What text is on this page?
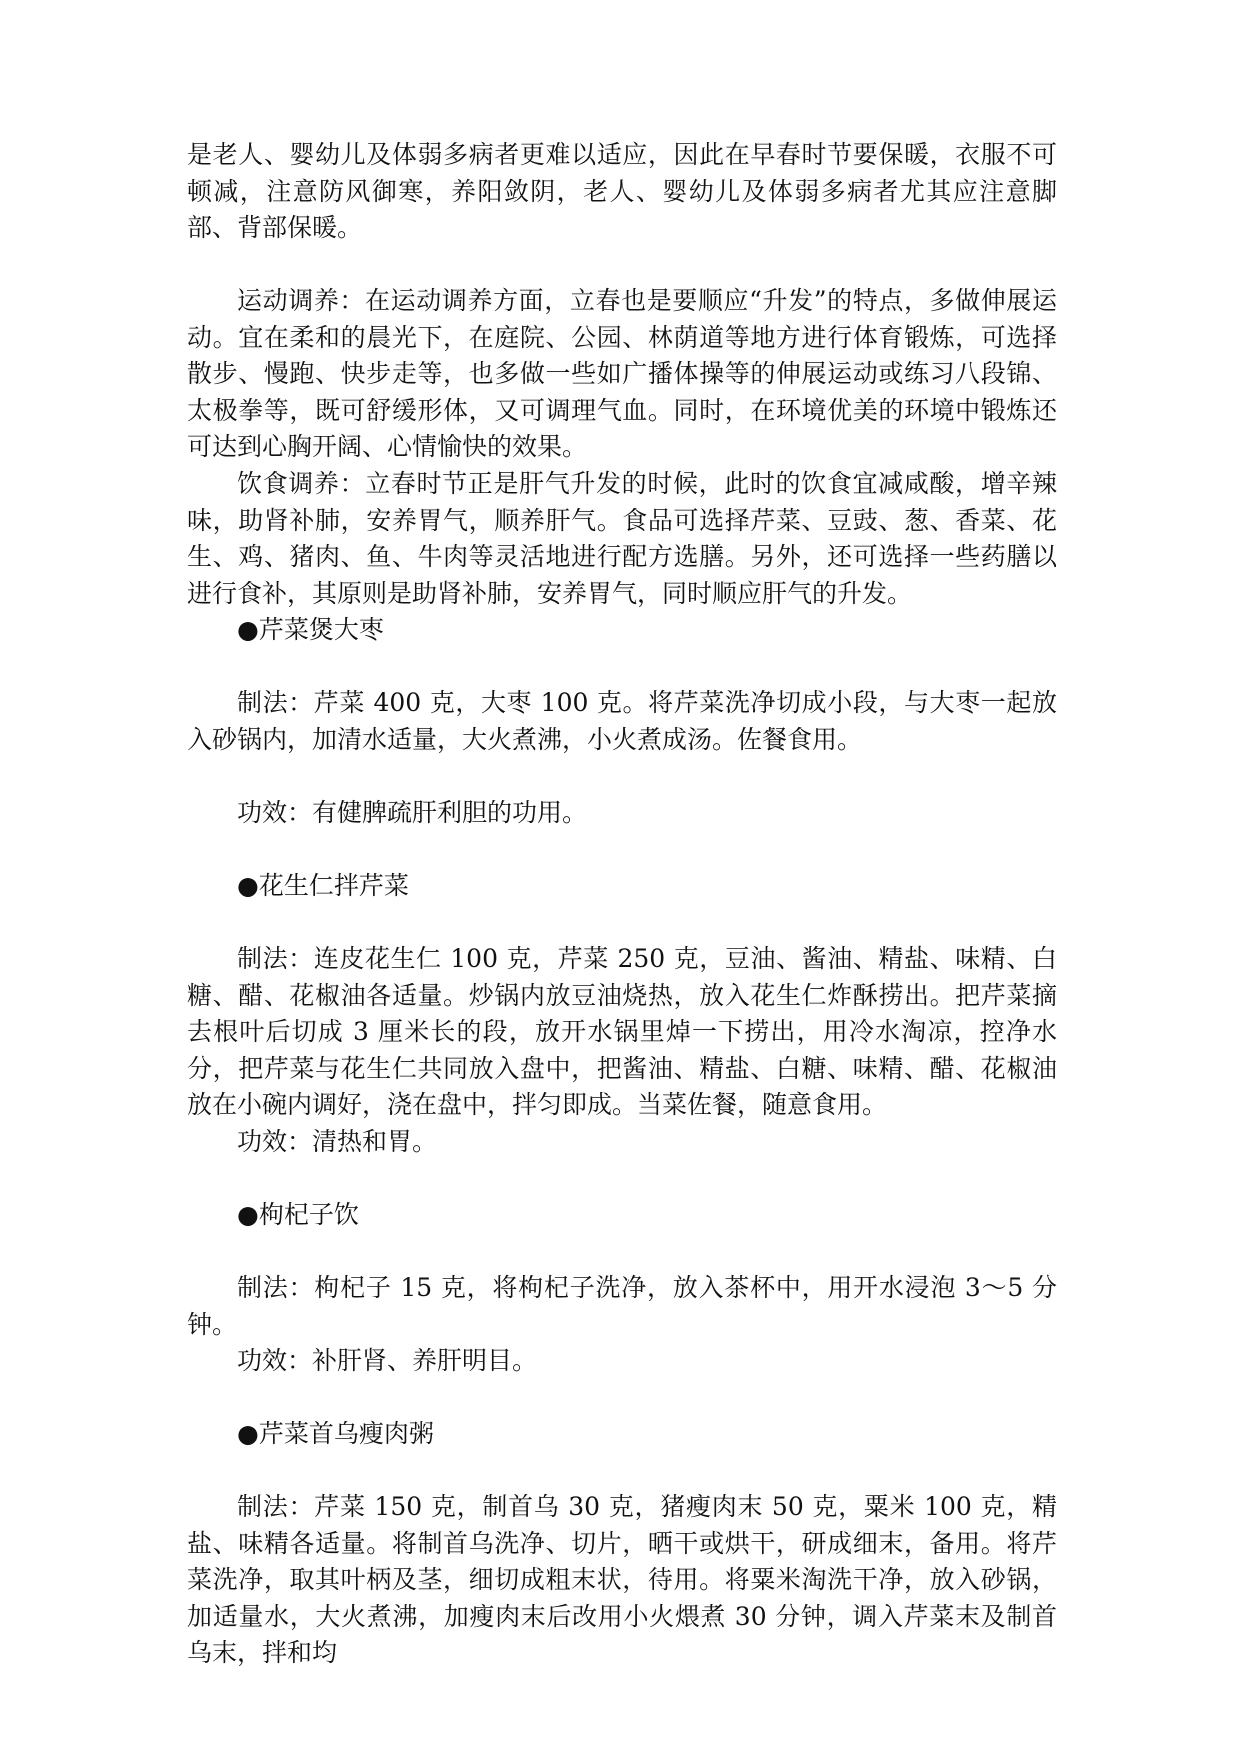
是老人、婴幼儿及体弱多病者更难以适应，因此在早春时节要保暖，衣服不可顿减，注意防风御寒，养阳敛阴，老人、婴幼儿及体弱多病者尤其应注意脚部、背部保暖。

运动调养：在运动调养方面，立春也是要顺应“升发”的特点，多做伸展运动。宜在柔和的晨光下，在庭院、公园、林荫道等地方进行体育锻炼，可选择散步、慢跑、快步走等，也多做一些如广播体操等的伸展运动或练习八段锦、太极拳等，既可舒缓形体，又可调理气血。同时，在环境优美的环境中锻炼还可达到心胸开阔、心情愉快的效果。

饮食调养：立春时节正是肝气升发的时候，此时的饮食宜减咸酸，增辛辣味，助肾补肺，安养胃气，顺养肝气。食品可选择芹菜、豆豉、葱、香菜、花生、鸡、猪肉、鱼、牛肉等灵活地进行配方选膳。另外，还可选择一些药膳以进行食补，其原则是助肾补肺，安养胃气，同时顺应肝气的升发。

●芹菜煲大枣

制法：芹菜 400 克，大枣 100 克。将芹菜洗净切成小段，与大枣一起放入砂锅内，加清水适量，大火煮沸，小火煮成汤。佐餐食用。

功效：有健脾疏肝利胆的功用。

●花生仁拌芹菜

制法：连皮花生仁 100 克，芹菜 250 克，豆油、酱油、精盐、味精、白糖、醋、花椒油各适量。炒锅内放豆油烧热，放入花生仁炸酥捞出。把芹菜摘去根叶后切成 3 厘米长的段，放开水锅里焯一下捞出，用冷水淘凉，控净水分，把芹菜与花生仁共同放入盘中，把酱油、精盐、白糖、味精、醋、花椒油放在小碗内调好，浇在盘中，拌匀即成。当菜佐餐，随意食用。

功效：清热和胃。

●枸杞子饮

制法：枸杞子 15 克，将枸杞子洗净，放入茶杯中，用开水浸泡 3～5 分钟。

功效：补肝肾、养肝明目。

●芹菜首乌瘦肉粥

制法：芹菜 150 克，制首乌 30 克，猪瘦肉末 50 克，粟米 100 克，精盐、味精各适量。将制首乌洗净、切片，晒干或烘干，研成细末，备用。将芹菜洗净，取其叶柄及茎，细切成粗末状，待用。将粟米淘洗干净，放入砂锅，加适量水，大火煮沸，加瘦肉末后改用小火煨煮 30 分钟，调入芹菜末及制首乌末，拌和均
